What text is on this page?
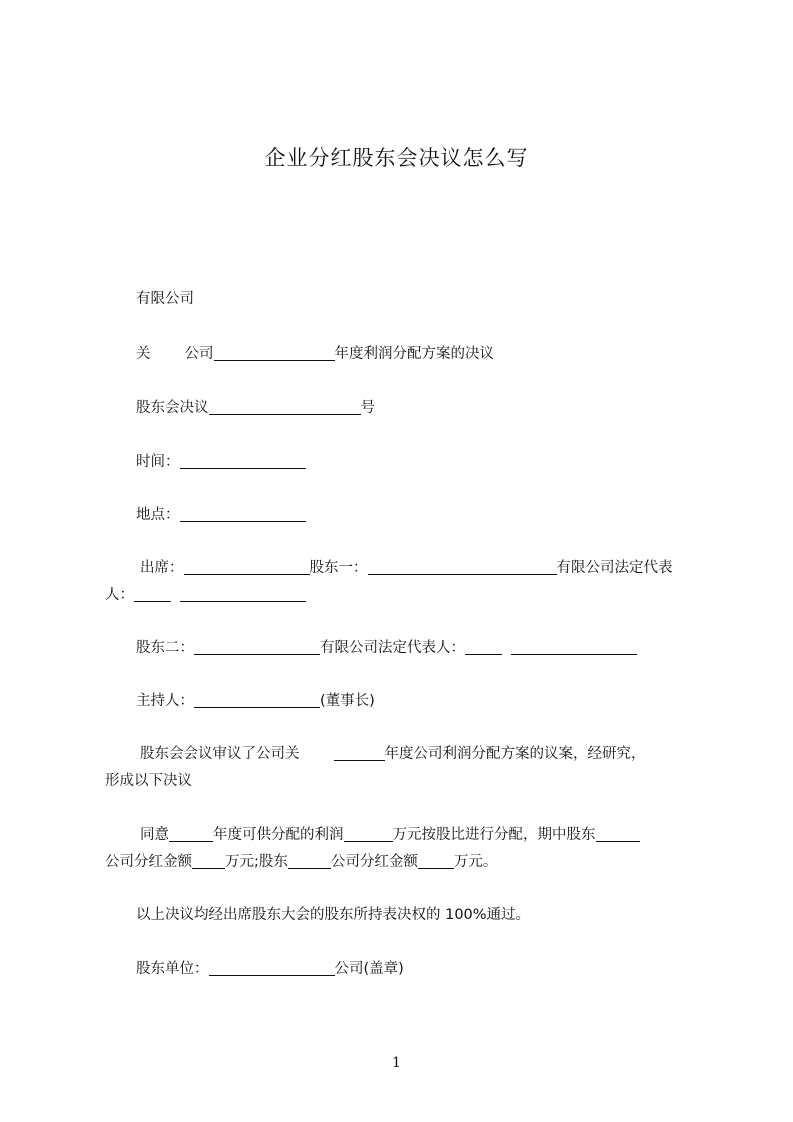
企业分红股东会决议怎么写
有限公司
关 公司	年度利润分配方案的决议
股东会决议	号
时间：
地点：
出席：	股东一：	有限公司法定代表
人：
股东二：	有限公司法定代表人：
主持人：	(董事长)
股东会会议审议了公司关	年度公司利润分配方案的议案，经研究，
形成以下决议
同意	年度可供分配的利润	万元按股比进行分配，期中股东
公司分红金额 万元;股东	公司分红金额 万元。
以上决议均经出席股东大会的股东所持表决权的 100%通过。
股东单位：	公司(盖章)
1
